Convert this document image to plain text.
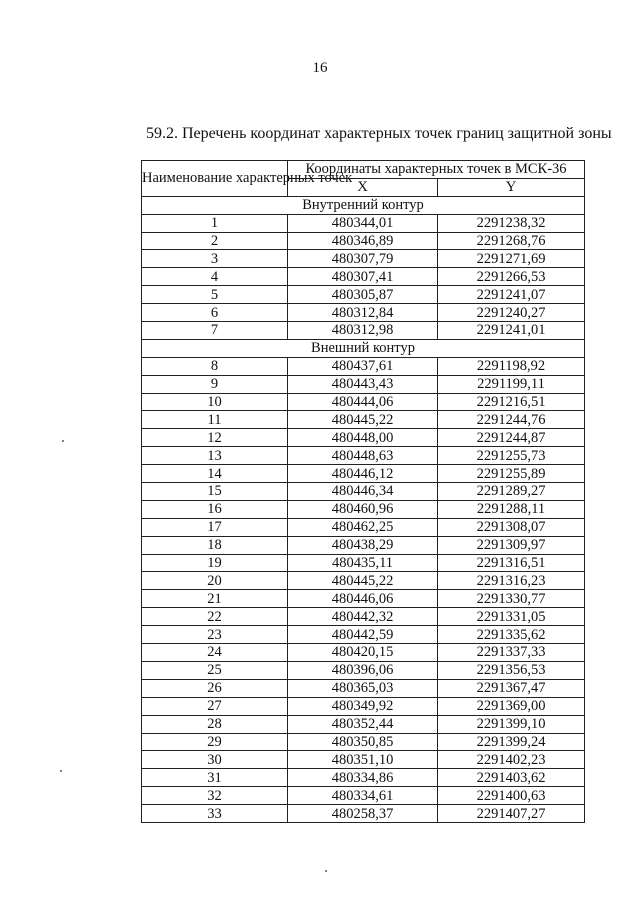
16
59.2. Перечень координат характерных точек границ защитной зоны
Наименование характерных точек	Координаты характерных точек в МСК-36	
	X	Y
Внутренний контур		
1	480344,01	2291238,32
2	480346,89	2291268,76
3	480307,79	2291271,69
4	480307,41	2291266,53
5	480305,87	2291241,07
6	480312,84	2291240,27
7	480312,98	2291241,01
Внешний контур		
8	480437,61	2291198,92
9	480443,43	2291199,11
10	480444,06	2291216,51
11	480445,22	2291244,76
12	480448,00	2291244,87
13	480448,63	2291255,73
14	480446,12	2291255,89
15	480446,34	2291289,27
16	480460,96	2291288,11
17	480462,25	2291308,07
18	480438,29	2291309,97
19	480435,11	2291316,51
20	480445,22	2291316,23
21	480446,06	2291330,77
22	480442,32	2291331,05
23	480442,59	2291335,62
24	480420,15	2291337,33
25	480396,06	2291356,53
26	480365,03	2291367,47
27	480349,92	2291369,00
28	480352,44	2291399,10
29	480350,85	2291399,24
30	480351,10	2291402,23
31	480334,86	2291403,62
32	480334,61	2291400,63
33	480258,37	2291407,27
